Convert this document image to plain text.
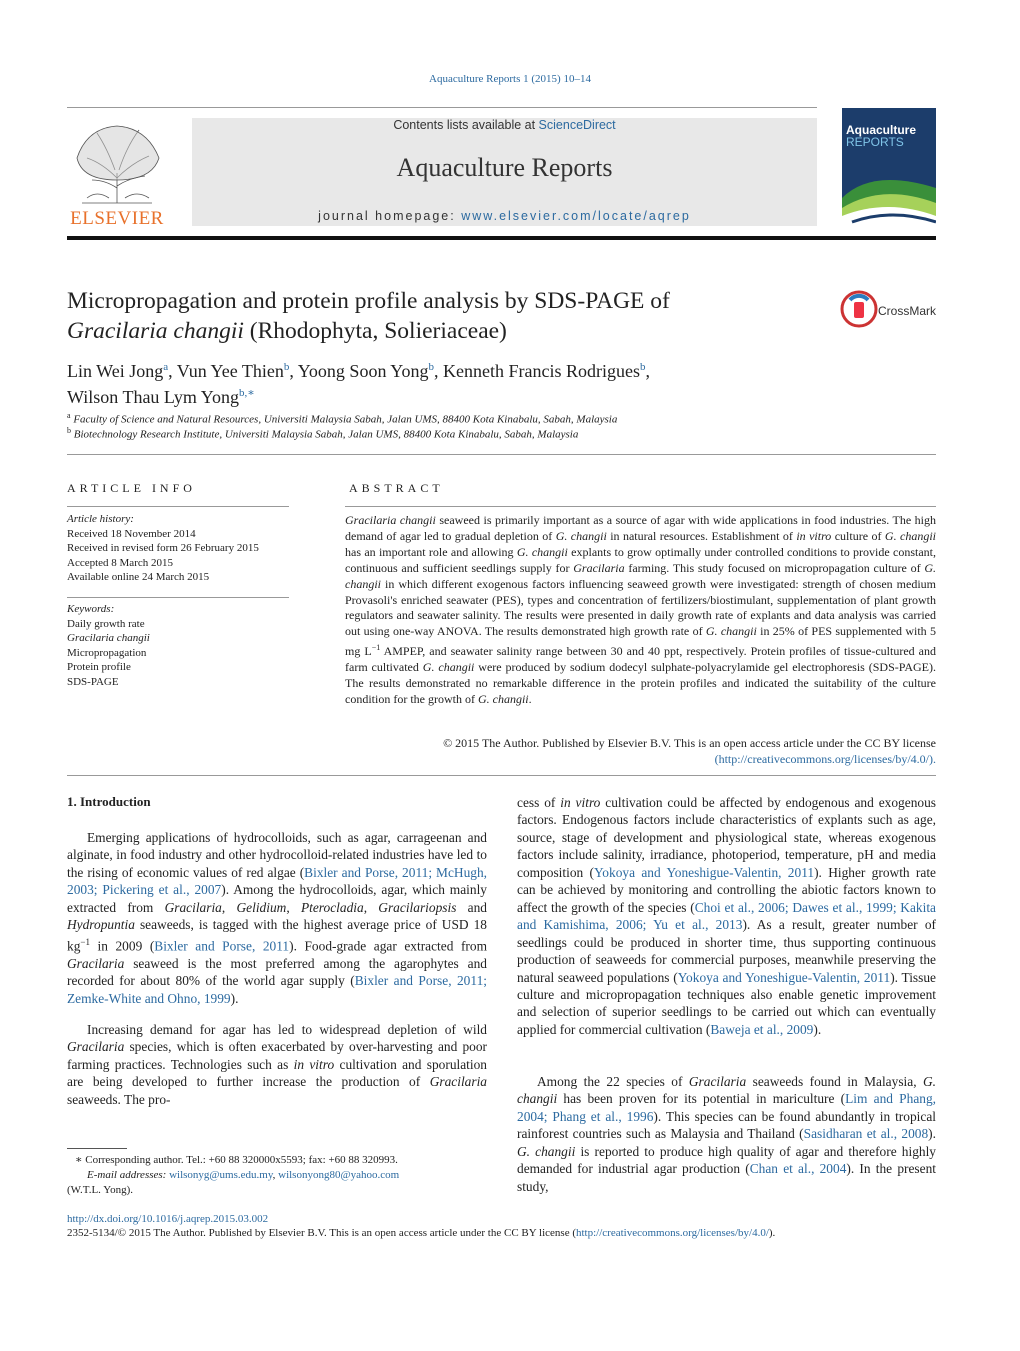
Aquaculture Reports 1 (2015) 10–14
ELSEVIER
Contents lists available at ScienceDirect
Aquaculture Reports
journal homepage: www.elsevier.com/locate/aqrep
Aquaculture
REPORTS
Micropropagation and protein profile analysis by SDS-PAGE of
Gracilaria changii (Rhodophyta, Solieriaceae)
CrossMark
Lin Wei Jong$^a$, Vun Yee Thien$^b$, Yoong Soon Yong$^b$, Kenneth Francis Rodrigues$^b$,
Wilson Thau Lym Yong$^{b,∗}$
$^a$ Faculty of Science and Natural Resources, Universiti Malaysia Sabah, Jalan UMS, 88400 Kota Kinabalu, Sabah, Malaysia
$^b$ Biotechnology Research Institute, Universiti Malaysia Sabah, Jalan UMS, 88400 Kota Kinabalu, Sabah, Malaysia
ARTICLE INFO	ABSTRACT
Article history:
Received 18 November 2014
Received in revised form 26 February 2015
Accepted 8 March 2015
Available online 24 March 2015
Keywords:
Daily growth rate
Gracilaria changii
Micropropagation
Protein profile
SDS-PAGE
Gracilaria changii seaweed is primarily important as a source of agar with wide applications in food industries. The high demand of agar led to gradual depletion of G. changii in natural resources. Establishment of in vitro culture of G. changii has an important role and allowing G. changii explants to grow optimally under controlled conditions to provide constant, continuous and sufficient seedlings supply for Gracilaria farming. This study focused on micropropagation culture of G. changii in which different exogenous factors influencing seaweed growth were investigated: strength of chosen medium Provasoli's enriched seawater (PES), types and concentration of fertilizers/biostimulant, supplementation of plant growth regulators and seawater salinity. The results were presented in daily growth rate of explants and data analysis was carried out using one-way ANOVA. The results demonstrated high growth rate of G. changii in 25% of PES supplemented with 5 mg $L^{-1}$ AMPEP, and seawater salinity range between 30 and 40 ppt, respectively. Protein profiles of tissue-cultured and farm cultivated G. changii were produced by sodium dodecyl sulphate-polyacrylamide gel electrophoresis (SDS-PAGE). The results demonstrated no remarkable difference in the protein profiles and indicated the suitability of the culture condition for the growth of G. changii.
© 2015 The Author. Published by Elsevier B.V. This is an open access article under the CC BY license
(http://creativecommons.org/licenses/by/4.0/).
1. Introduction
Emerging applications of hydrocolloids, such as agar, carrageenan and alginate, in food industry and other hydrocolloid-related industries have led to the rising of economic values of red algae (Bixler and Porse, 2011; McHugh, 2003; Pickering et al., 2007). Among the hydrocolloids, agar, which mainly extracted from Gracilaria, Gelidium, Pterocladia, Gracilariopsis and Hydropuntia seaweeds, is tagged with the highest average price of USD 18 $kg^{-1}$ in 2009 (Bixler and Porse, 2011). Food-grade agar extracted from Gracilaria seaweed is the most preferred among the agarophytes and recorded for about 80% of the world agar supply (Bixler and Porse, 2011; Zemke-White and Ohno, 1999).
Increasing demand for agar has led to widespread depletion of wild Gracilaria species, which is often exacerbated by over-harvesting and poor farming practices. Technologies such as in vitro cultivation and sporulation are being developed to further increase the production of Gracilaria seaweeds. The pro-
cess of in vitro cultivation could be affected by endogenous and exogenous factors. Endogenous factors include characteristics of explants such as age, source, stage of development and physiological state, whereas exogenous factors include salinity, irradiance, photoperiod, temperature, pH and media composition (Yokoya and Yoneshigue-Valentin, 2011). Higher growth rate can be achieved by monitoring and controlling the abiotic factors known to affect the growth of the species (Choi et al., 2006; Dawes et al., 1999; Kakita and Kamishima, 2006; Yu et al., 2013). As a result, greater number of seedlings could be produced in shorter time, thus supporting continuous production of seaweeds for commercial purposes, meanwhile preserving the natural seaweed populations (Yokoya and Yoneshigue-Valentin, 2011). Tissue culture and micropropagation techniques also enable genetic improvement and selection of superior seedlings to be carried out which can eventually applied for commercial cultivation (Baweja et al., 2009).
Among the 22 species of Gracilaria seaweeds found in Malaysia, G. changii has been proven for its potential in mariculture (Lim and Phang, 2004; Phang et al., 1996). This species can be found abundantly in tropical rainforest countries such as Malaysia and Thailand (Sasidharan et al., 2008). G. changii is reported to produce high quality of agar and therefore highly demanded for industrial agar production (Chan et al., 2004). In the present study,
∗ Corresponding author. Tel.: +60 88 320000x5593; fax: +60 88 320993.
E-mail addresses: wilsonyg@ums.edu.my, wilsonyong80@yahoo.com
(W.T.L. Yong).
http://dx.doi.org/10.1016/j.aqrep.2015.03.002
2352-5134/© 2015 The Author. Published by Elsevier B.V. This is an open access article under the CC BY license (http://creativecommons.org/licenses/by/4.0/).
